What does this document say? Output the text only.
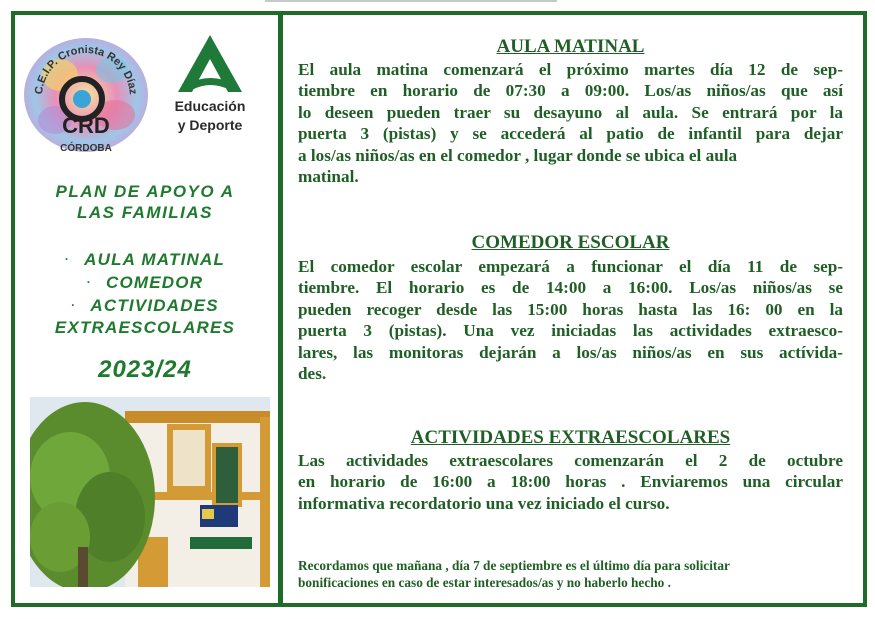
C.E.I.P. Cronista Rey Díaz
CRD
CÓRDOBA
Educación
y Deporte
PLAN DE APOYO A
LAS FAMILIAS
· AULA MATINAL
· COMEDOR
· ACTIVIDADES
EXTRAESCOLARES
2023/24
AULA MATINAL
El aula matina comenzará el próximo martes día 12 de sep-
tiembre en horario de 07:30 a 09:00. Los/as niños/as que así
lo deseen pueden traer su desayuno al aula. Se entrará por la
puerta 3 (pistas) y se accederá al patio de infantil para dejar
a los/as niños/as en el comedor , lugar donde se ubica el aula
matinal.
COMEDOR ESCOLAR
El comedor escolar empezará a funcionar el día 11 de sep-
tiembre. El horario es de 14:00 a 16:00. Los/as niños/as se
pueden recoger desde las 15:00 horas hasta las 16: 00 en la
puerta 3 (pistas). Una vez iniciadas las actividades extraesco-
lares, las monitoras dejarán a los/as niños/as en sus actívida-
des.
ACTIVIDADES EXTRAESCOLARES
Las actividades extraescolares comenzarán el 2 de octubre
en horario de 16:00 a 18:00 horas . Enviaremos una circular
informativa recordatorio una vez iniciado el curso.
Recordamos que mañana , día 7 de septiembre es el último día para solicitar
bonificaciones en caso de estar interesados/as y no haberlo hecho .
